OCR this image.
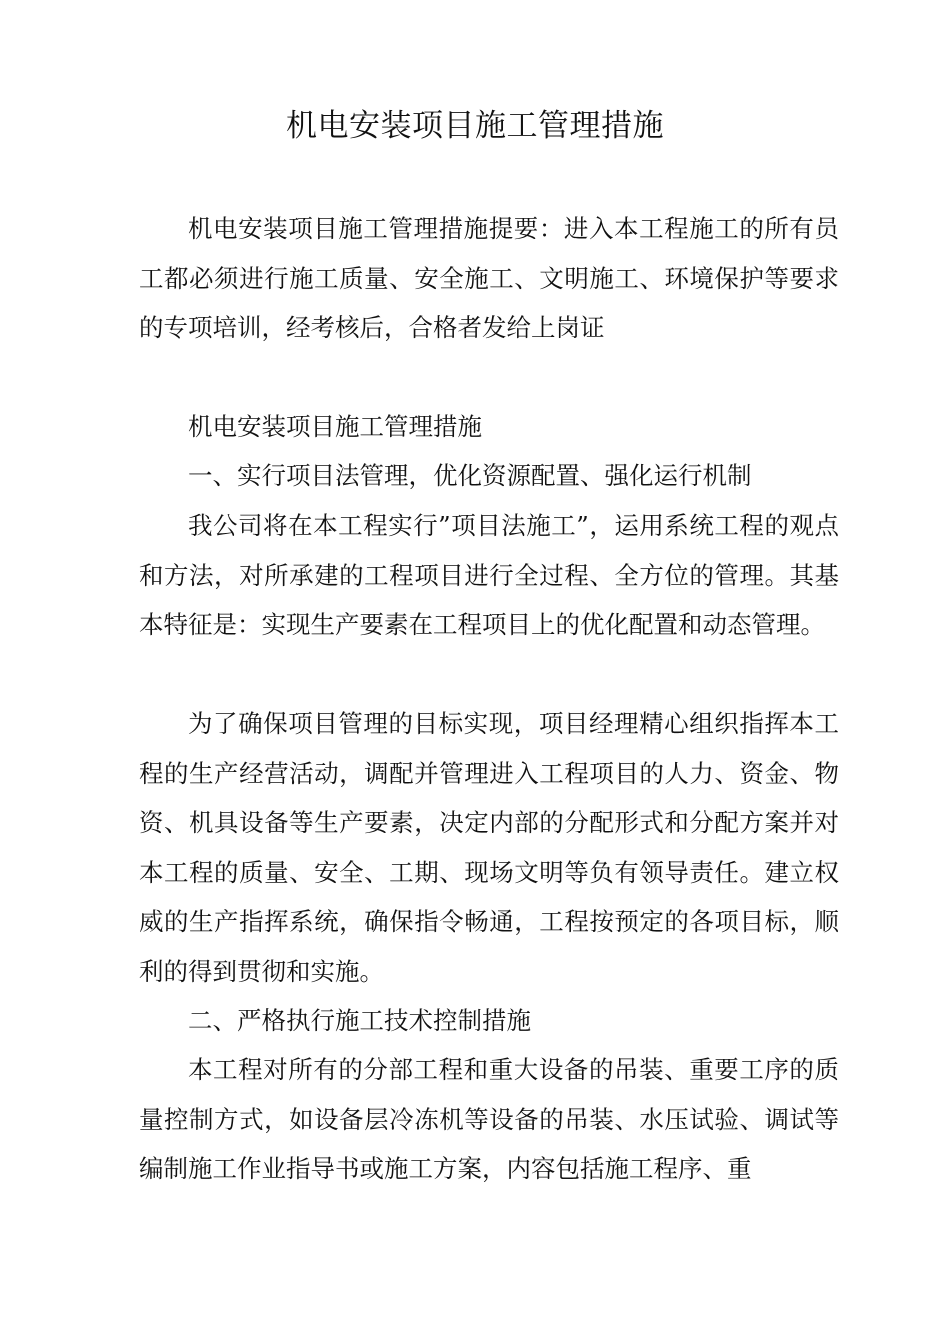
机电安装项目施工管理措施

机电安装项目施工管理措施提要：进入本工程施工的所有员工都必须进行施工质量、安全施工、文明施工、环境保护等要求的专项培训，经考核后，合格者发给上岗证

机电安装项目施工管理措施

一、实行项目法管理，优化资源配置、强化运行机制

我公司将在本工程实行”项目法施工”，运用系统工程的观点和方法，对所承建的工程项目进行全过程、全方位的管理。其基本特征是：实现生产要素在工程项目上的优化配置和动态管理。

为了确保项目管理的目标实现，项目经理精心组织指挥本工程的生产经营活动，调配并管理进入工程项目的人力、资金、物资、机具设备等生产要素，决定内部的分配形式和分配方案并对本工程的质量、安全、工期、现场文明等负有领导责任。建立权威的生产指挥系统，确保指令畅通，工程按预定的各项目标，顺利的得到贯彻和实施。

二、严格执行施工技术控制措施

本工程对所有的分部工程和重大设备的吊装、重要工序的质量控制方式，如设备层冷冻机等设备的吊装、水压试验、调试等编制施工作业指导书或施工方案，内容包括施工程序、重
